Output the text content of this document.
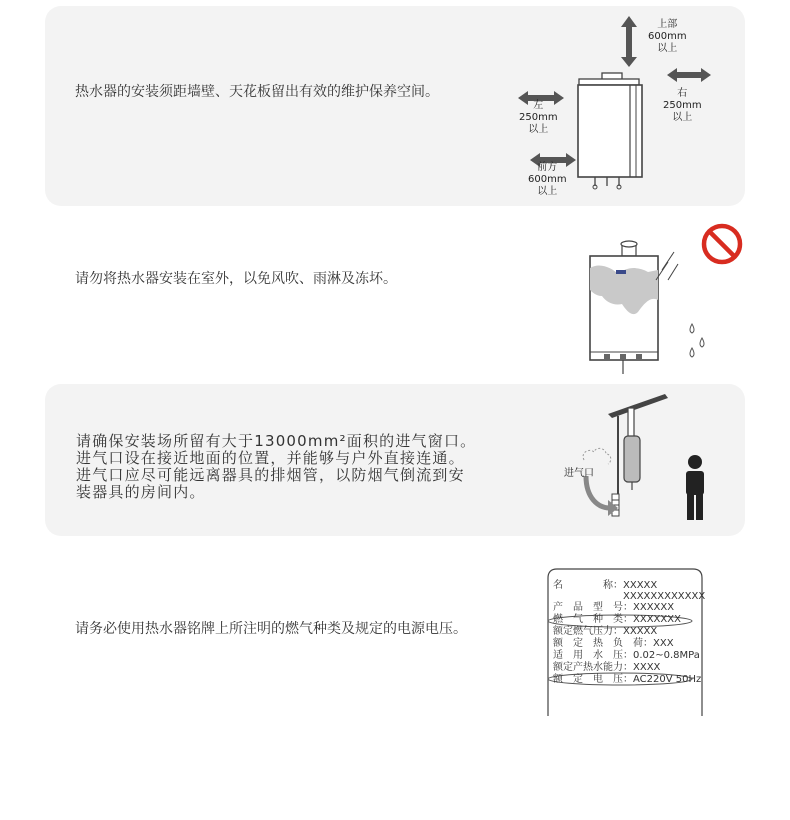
热水器的安装须距墙壁、天花板留出有效的维护保养空间。
上部
600mm
以上
左
250mm
以上
右
250mm
以上
前方
600mm
以上
请勿将热水器安装在室外，以免风吹、雨淋及冻坏。
请确保安装场所留有大于13000mm²面积的进气窗口。
进气口设在接近地面的位置，并能够与户外直接连通。
进气口应尽可能远离器具的排烟管，以防烟气倒流到安
装器具的房间内。
进气口
请务必使用热水器铭牌上所注明的燃气种类及规定的电源电压。
名　　　　称：XXXXX
XXXXXXXXXXXX
产　品　型　号：XXXXXX
燃　气　种　类：XXXXXXX
额定燃气压力：XXXXX
额　定　热　负　荷：XXX
适　用　水　压：0.02~0.8MPa
额定产热水能力：XXXX
额　定　电　压：AC220V 50Hz
